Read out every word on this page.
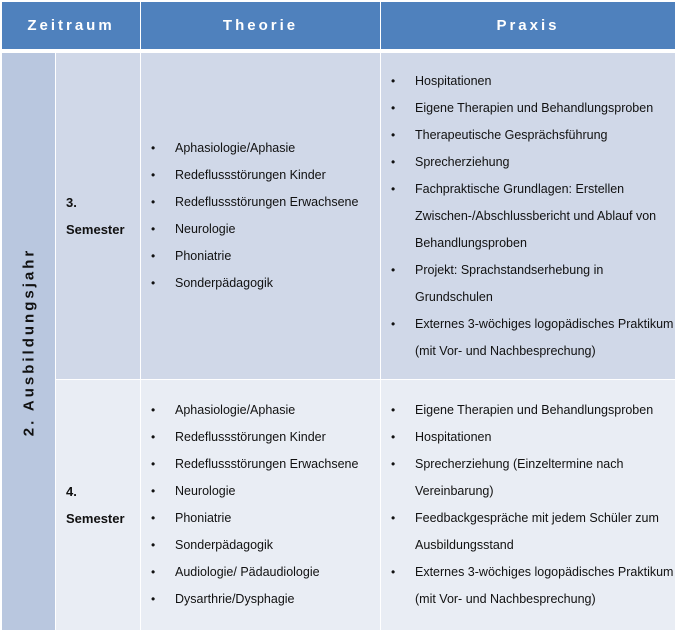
Zeitraum	Theorie	Praxis
2. Ausbildungsjahr
3.
Semester
• Aphasiologie/Aphasie
• Redeflussstörungen Kinder
• Redeflussstörungen Erwachsene
• Neurologie
• Phoniatrie
• Sonderpädagogik
• Hospitationen
• Eigene Therapien und Behandlungsproben
• Therapeutische Gesprächsführung
• Sprecherziehung
• Fachpraktische Grundlagen: Erstellen Zwischen-/Abschlussbericht und Ablauf von Behandlungsproben
• Projekt: Sprachstandserhebung in Grundschulen
• Externes 3-wöchiges logopädisches Praktikum (mit Vor- und Nachbesprechung)
4.
Semester
• Aphasiologie/Aphasie
• Redeflussstörungen Kinder
• Redeflussstörungen Erwachsene
• Neurologie
• Phoniatrie
• Sonderpädagogik
• Audiologie/ Pädaudiologie
• Dysarthrie/Dysphagie
• Eigene Therapien und Behandlungsproben
• Hospitationen
• Sprecherziehung (Einzeltermine nach Vereinbarung)
• Feedbackgespräche mit jedem Schüler zum Ausbildungsstand
• Externes 3-wöchiges logopädisches Praktikum (mit Vor- und Nachbesprechung)
